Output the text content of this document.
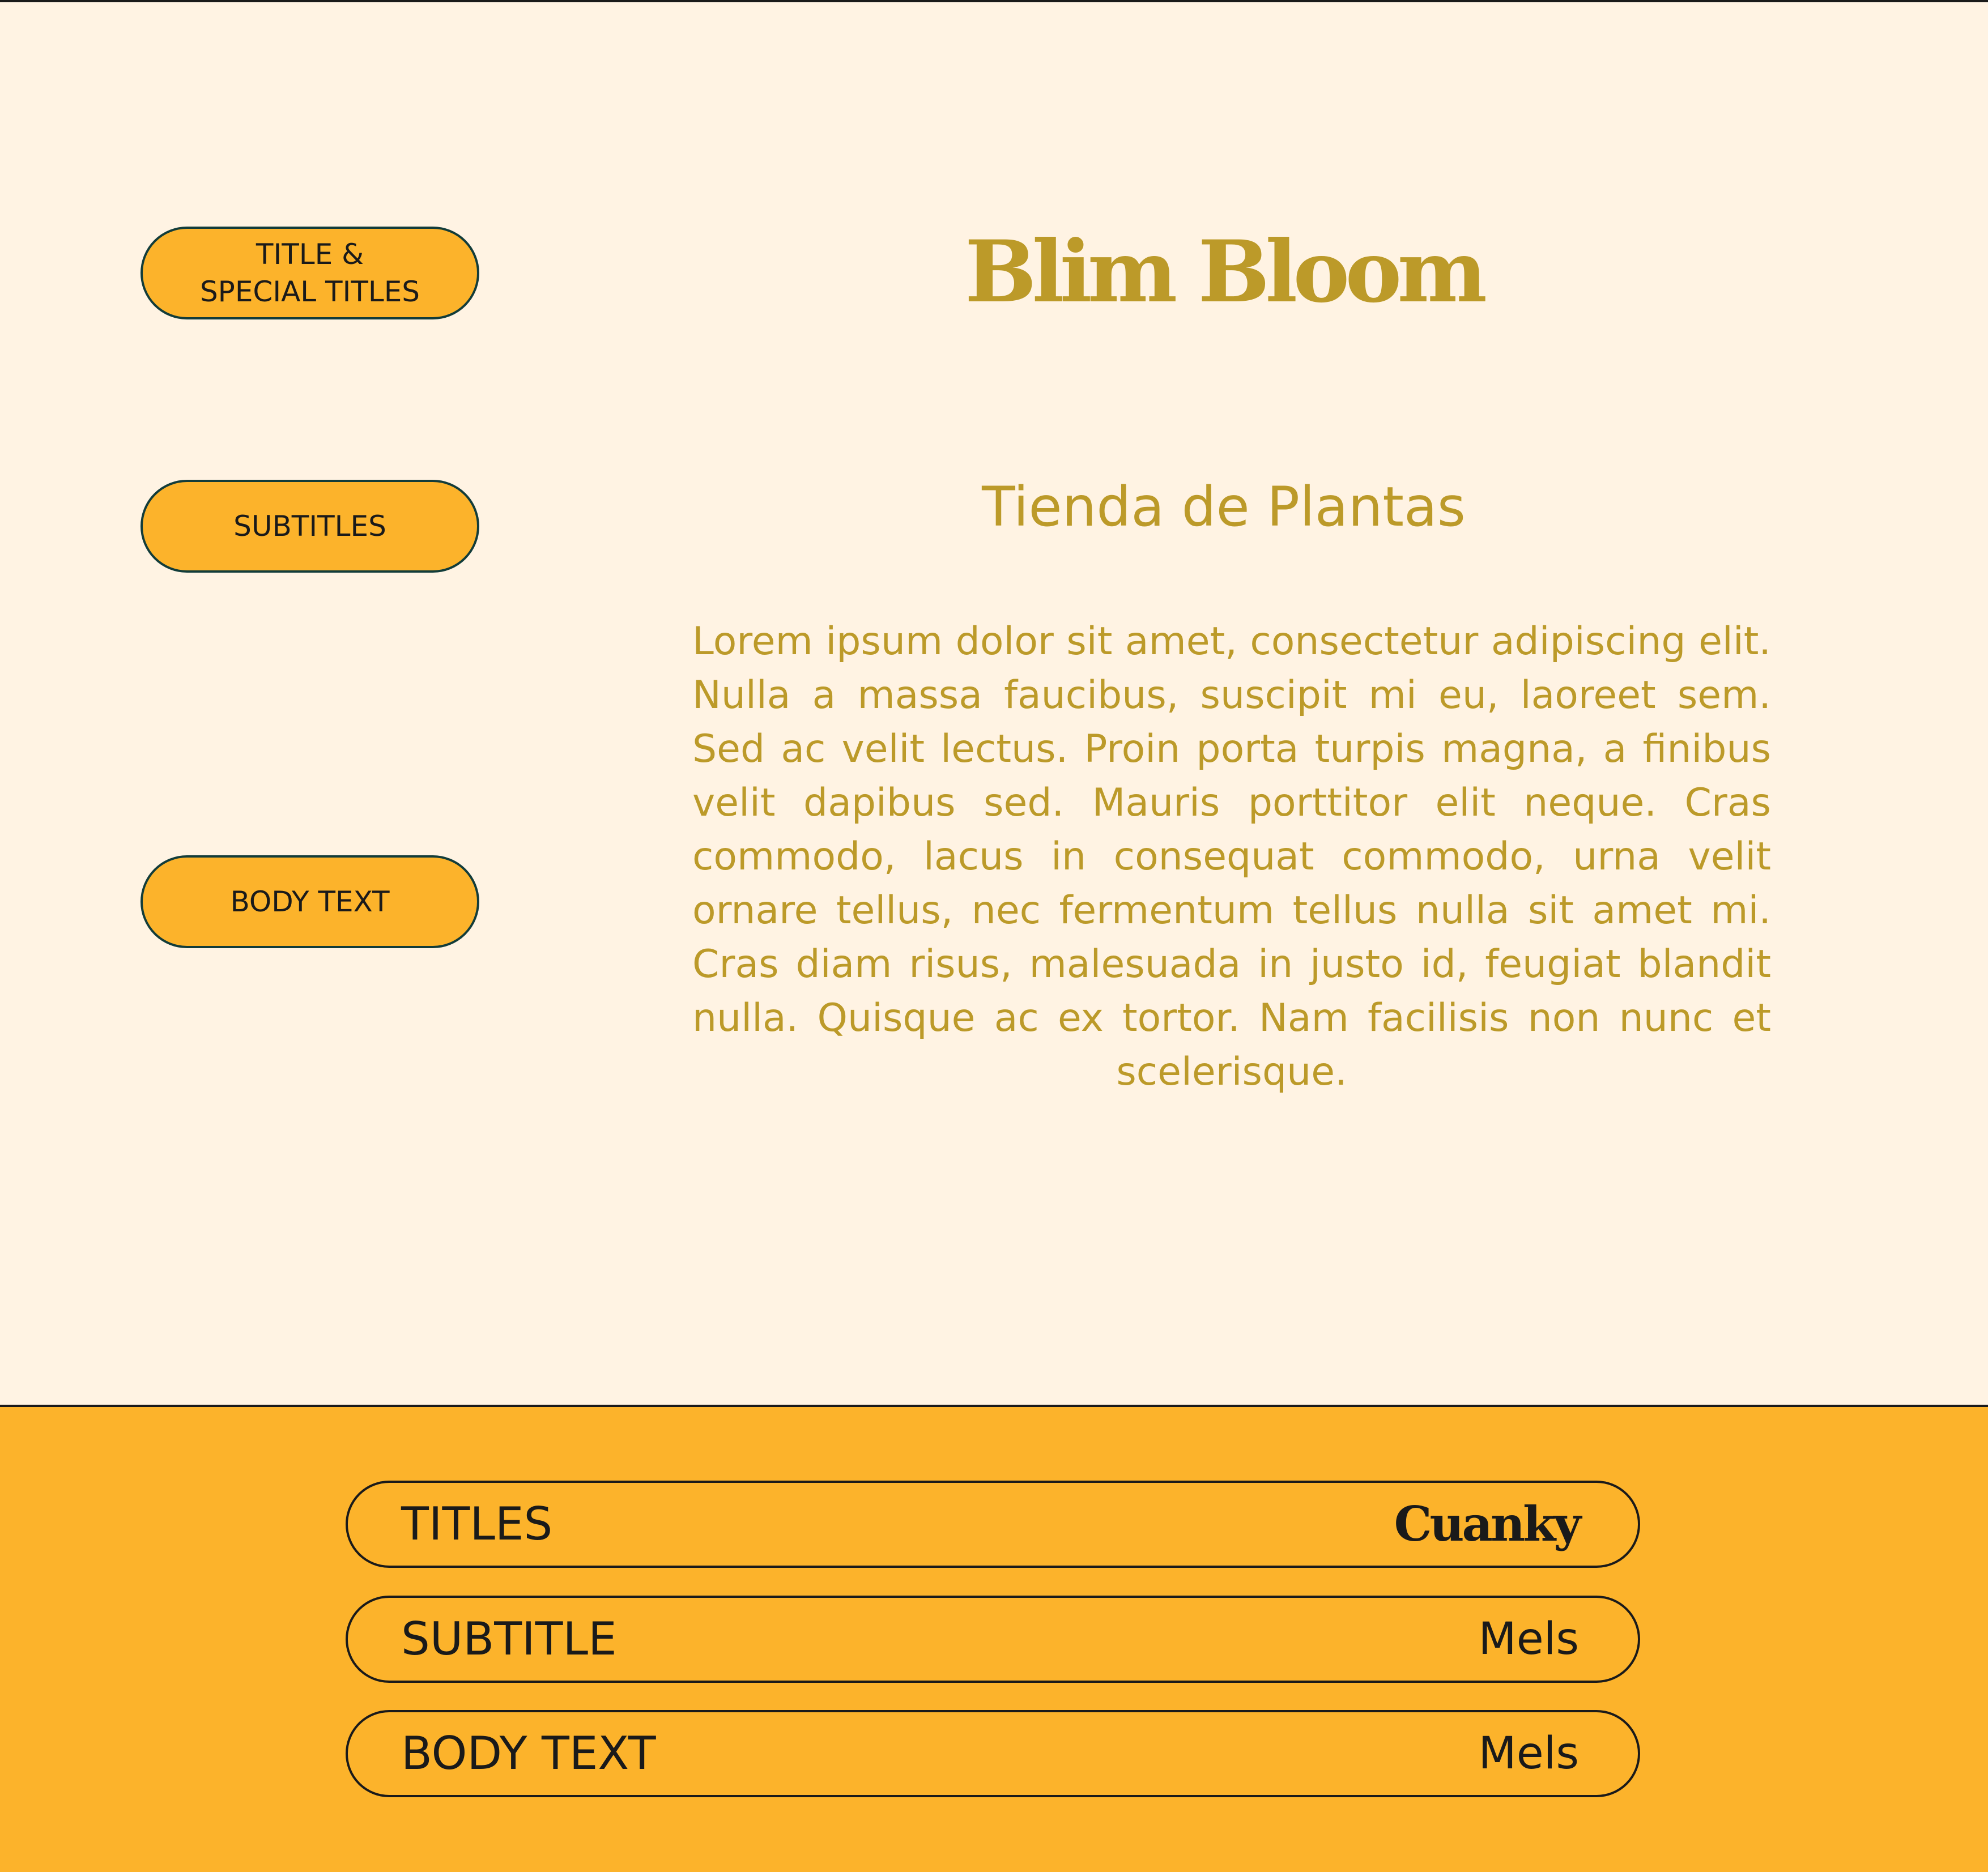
TITLE &
SPECIAL TITLES
SUBTITLES
BODY TEXT
Blim Bloom
Tienda de Plantas

Lorem ipsum dolor sit amet, consectetur adipiscing elit. Nulla a massa faucibus, suscipit mi eu, laoreet sem. Sed ac velit lectus. Proin porta turpis magna, a finibus velit dapibus sed. Mauris porttitor elit neque. Cras commodo, lacus in consequat commodo, urna velit ornare tellus, nec fermentum tellus nulla sit amet mi. Cras diam risus, malesuada in justo id, feugiat blandit nulla. Quisque ac ex tortor. Nam facilisis non nunc et scelerisque.

TITLES	Cuanky
SUBTITLE	Mels
BODY TEXT	Mels
